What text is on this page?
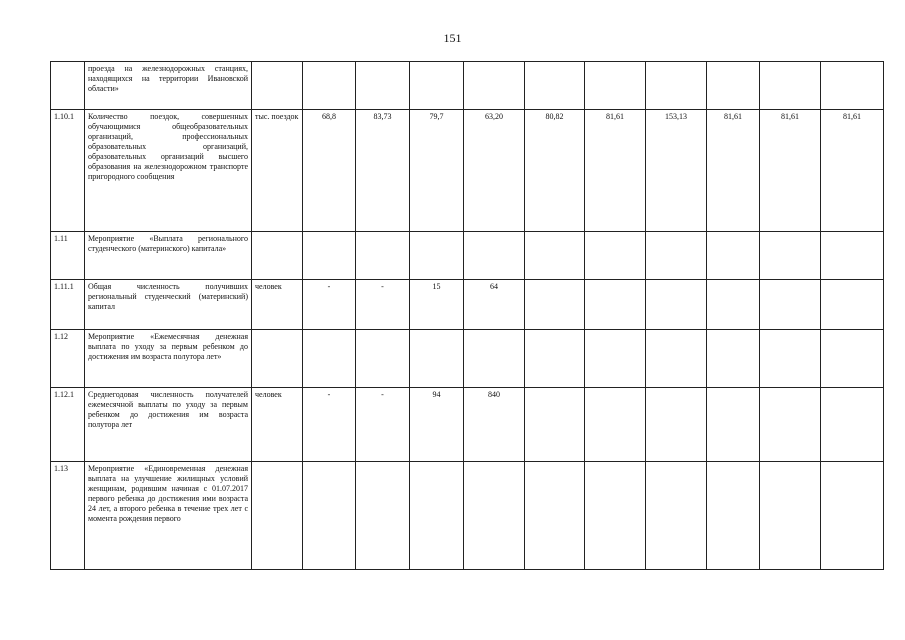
151
	проезда на железнодорожных станциях, находящихся на территории Ивановской области»												
1.10.1	Количество поездок, совершенных обучающимися общеобразовательных организаций, профессиональных образовательных организаций, образовательных организаций высшего образования на железнодорожном транспорте пригородного сообщения	тыс. поездок	68,8	83,73	79,7	63,20	80,82	81,61	153,13	81,61	81,61	81,61	
1.11	Мероприятие «Выплата регионального студенческого (материнского) капитала»												
1.11.1	Общая численность получивших региональный студенческий (материнский) капитал	человек	-	-	15	64							
1.12	Мероприятие «Ежемесячная денежная выплата по уходу за первым ребенком до достижения им возраста полутора лет»												
1.12.1	Среднегодовая численность получателей ежемесячной выплаты по уходу за первым ребенком до достижения им возраста полутора лет	человек	-	-	94	840							
1.13	Мероприятие «Единовременная денежная выплата на улучшение жилищных условий женщинам, родившим начиная с 01.07.2017 первого ребенка до достижения ими возраста 24 лет, а второго ребенка в течение трех лет с момента рождения первого												
